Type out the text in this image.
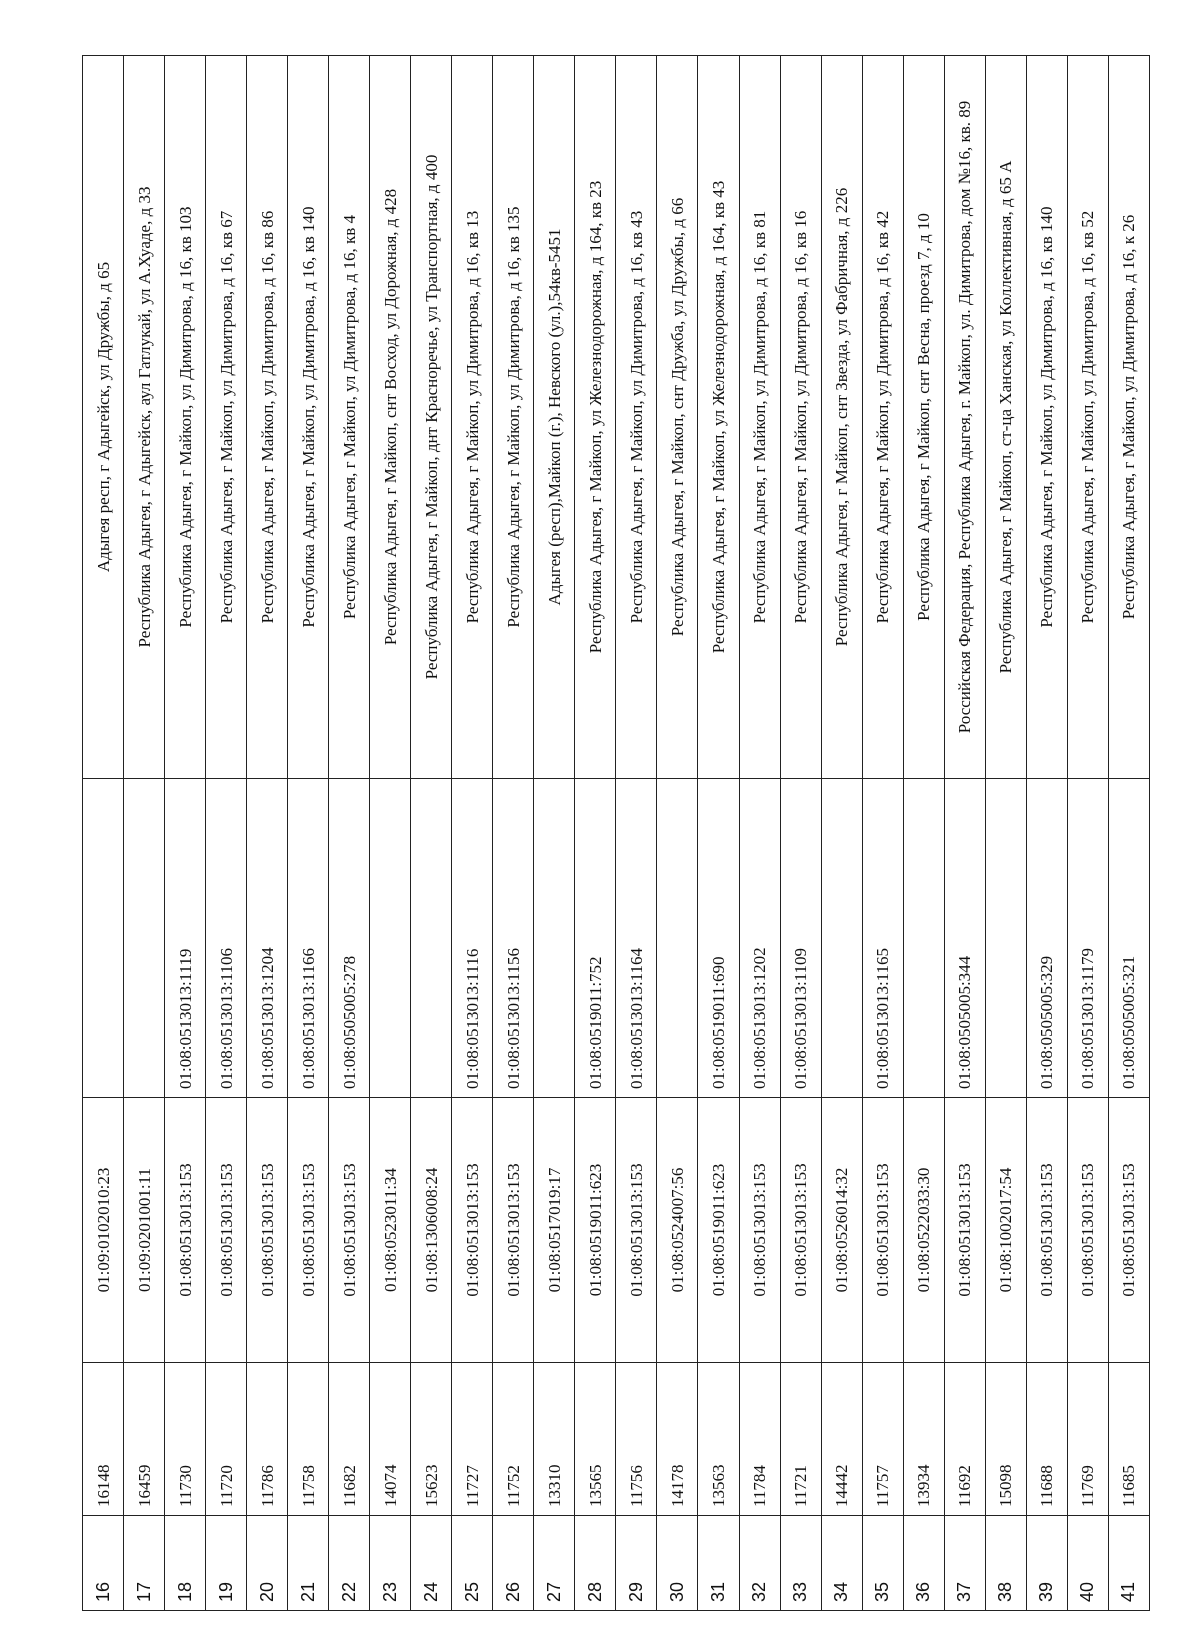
16	16148	01:09:0102010:23		Адыгея респ, г Адыгейск, ул Дружбы, д 65
17	16459	01:09:0201001:11		Республика Адыгея, г Адыгейск, аул Гатлукай, ул А.Хуаде, д 33
18	11730	01:08:0513013:153	01:08:0513013:1119	Республика Адыгея, г Майкоп, ул Димитрова, д 16, кв 103
19	11720	01:08:0513013:153	01:08:0513013:1106	Республика Адыгея, г Майкоп, ул Димитрова, д 16, кв 67
20	11786	01:08:0513013:153	01:08:0513013:1204	Республика Адыгея, г Майкоп, ул Димитрова, д 16, кв 86
21	11758	01:08:0513013:153	01:08:0513013:1166	Республика Адыгея, г Майкоп, ул Димитрова, д 16, кв 140
22	11682	01:08:0513013:153	01:08:0505005:278	Республика Адыгея, г Майкоп, ул Димитрова, д 16, кв 4
23	14074	01:08:0523011:34		Республика Адыгея, г Майкоп, снт Восход, ул Дорожная, д 428
24	15623	01:08:1306008:24		Республика Адыгея, г Майкоп, днт Красноречье, ул Транспортная, д 400
25	11727	01:08:0513013:153	01:08:0513013:1116	Республика Адыгея, г Майкоп, ул Димитрова, д 16, кв 13
26	11752	01:08:0513013:153	01:08:0513013:1156	Республика Адыгея, г Майкоп, ул Димитрова, д 16, кв 135
27	13310	01:08:0517019:17		Адыгея (респ),Майкоп (г.), Невского (ул.),54кв-5451
28	13565	01:08:0519011:623	01:08:0519011:752	Республика Адыгея, г Майкоп, ул Железнодорожная, д 164, кв 23
29	11756	01:08:0513013:153	01:08:0513013:1164	Республика Адыгея, г Майкоп, ул Димитрова, д 16, кв 43
30	14178	01:08:0524007:56		Республика Адыгея, г Майкоп, снт Дружба, ул Дружбы, д 66
31	13563	01:08:0519011:623	01:08:0519011:690	Республика Адыгея, г Майкоп, ул Железнодорожная, д 164, кв 43
32	11784	01:08:0513013:153	01:08:0513013:1202	Республика Адыгея, г Майкоп, ул Димитрова, д 16, кв 81
33	11721	01:08:0513013:153	01:08:0513013:1109	Республика Адыгея, г Майкоп, ул Димитрова, д 16, кв 16
34	14442	01:08:0526014:32		Республика Адыгея, г Майкоп, снт Звезда, ул Фабричная, д 226
35	11757	01:08:0513013:153	01:08:0513013:1165	Республика Адыгея, г Майкоп, ул Димитрова, д 16, кв 42
36	13934	01:08:0522033:30		Республика Адыгея, г Майкоп, снт Весна, проезд 7, д 10
37	11692	01:08:0513013:153	01:08:0505005:344	Российская Федерация, Республика Адыгея, г. Майкоп, ул. Димитрова, дом №16, кв. 89
38	15098	01:08:1002017:54		Республика Адыгея, г Майкоп, ст-ца Ханская, ул Коллективная, д 65 А
39	11688	01:08:0513013:153	01:08:0505005:329	Республика Адыгея, г Майкоп, ул Димитрова, д 16, кв 140
40	11769	01:08:0513013:153	01:08:0513013:1179	Республика Адыгея, г Майкоп, ул Димитрова, д 16, кв 52
41	11685	01:08:0513013:153	01:08:0505005:321	Республика Адыгея, г Майкоп, ул Димитрова, д 16, к 26
